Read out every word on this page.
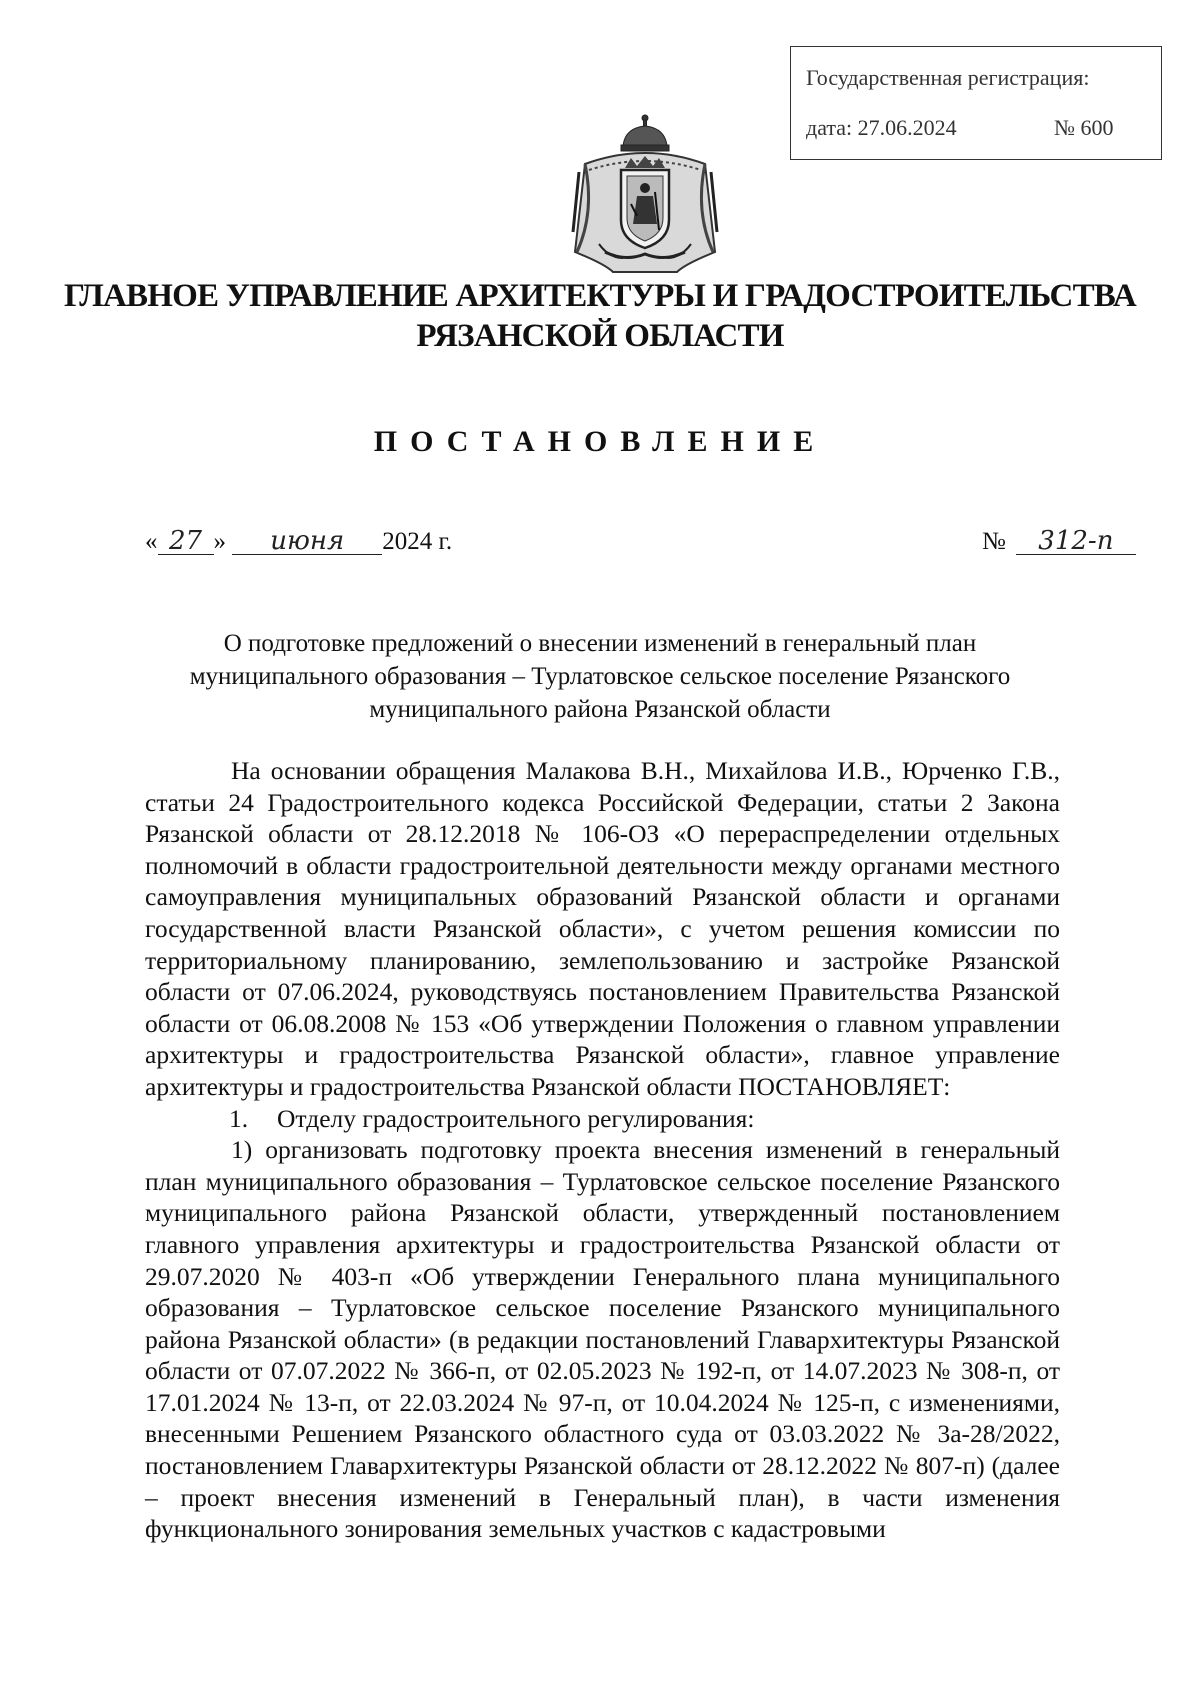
Государственная регистрация:
дата: 27.06.2024	№ 600
ГЛАВНОЕ УПРАВЛЕНИЕ АРХИТЕКТУРЫ И ГРАДОСТРОИТЕЛЬСТВА
РЯЗАНСКОЙ ОБЛАСТИ
ПОСТАНОВЛЕНИЕ
« 27 » июня 2024 г.	№ 312-п
О подготовке предложений о внесении изменений в генеральный план
муниципального образования – Турлатовское сельское поселение Рязанского
муниципального района Рязанской области

На основании обращения Малакова В.Н., Михайлова И.В., Юрченко Г.В., статьи 24 Градостроительного кодекса Российской Федерации, статьи 2 Закона Рязанской области от 28.12.2018 № 106-ОЗ «О перераспределении отдельных полномочий в области градостроительной деятельности между органами местного самоуправления муниципальных образований Рязанской области и органами государственной власти Рязанской области», с учетом решения комиссии по территориальному планированию, землепользованию и застройке Рязанской области от 07.06.2024, руководствуясь постановлением Правительства Рязанской области от 06.08.2008 № 153 «Об утверждении Положения о главном управлении архитектуры и градостроительства Рязанской области», главное управление архитектуры и градостроительства Рязанской области ПОСТАНОВЛЯЕТ:

1. Отделу градостроительного регулирования:

1) организовать подготовку проекта внесения изменений в генеральный план муниципального образования – Турлатовское сельское поселение Рязанского муниципального района Рязанской области, утвержденный постановлением главного управления архитектуры и градостроительства Рязанской области от 29.07.2020 № 403-п «Об утверждении Генерального плана муниципального образования – Турлатовское сельское поселение Рязанского муниципального района Рязанской области» (в редакции постановлений Главархитектуры Рязанской области от 07.07.2022 № 366-п, от 02.05.2023 № 192-п, от 14.07.2023 № 308-п, от 17.01.2024 № 13-п, от 22.03.2024 № 97-п, от 10.04.2024 № 125-п, с изменениями, внесенными Решением Рязанского областного суда от 03.03.2022 № 3а-28/2022, постановлением Главархитектуры Рязанской области от 28.12.2022 № 807-п) (далее – проект внесения изменений в Генеральный план), в части изменения функционального зонирования земельных участков с кадастровыми
